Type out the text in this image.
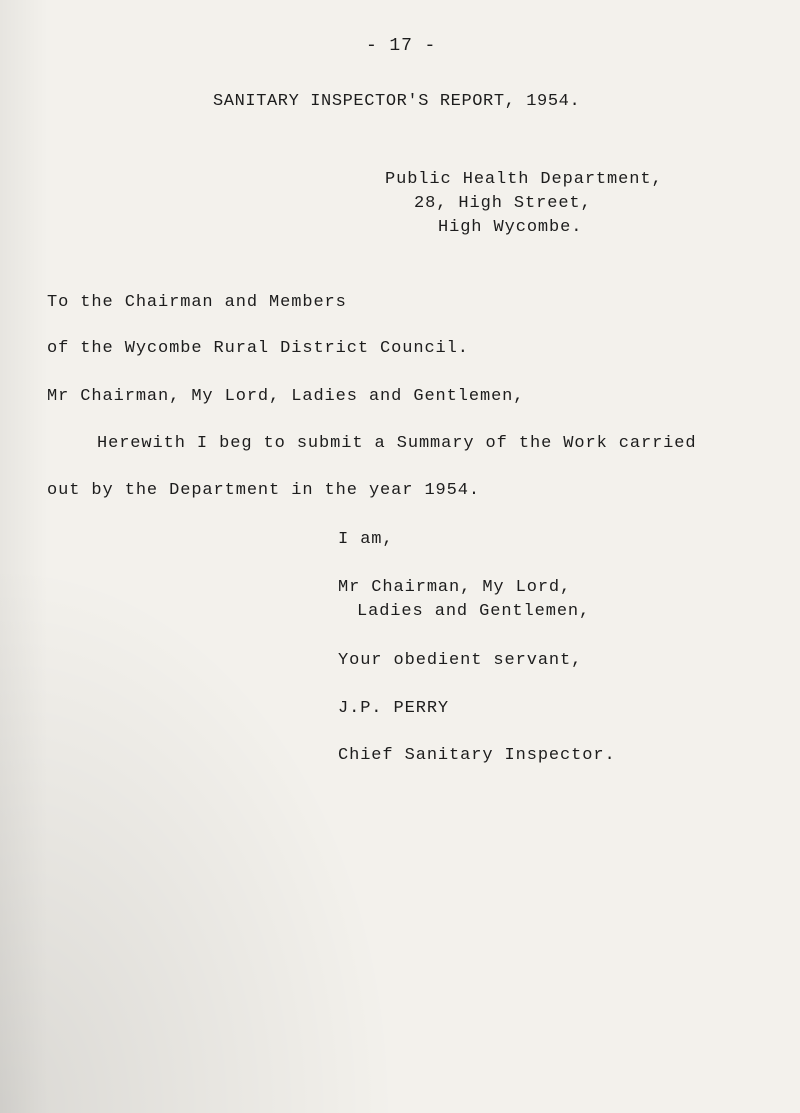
- 17 -
SANITARY INSPECTOR'S REPORT, 1954.
Public Health Department,
28, High Street,
High Wycombe.
To the Chairman and Members
of the Wycombe Rural District Council.
Mr Chairman, My Lord, Ladies and Gentlemen,
Herewith I beg to submit a Summary of the Work carried
out by the Department in the year 1954.
I am,
Mr Chairman, My Lord,
Ladies and Gentlemen,
Your obedient servant,
J.P. PERRY
Chief Sanitary Inspector.
